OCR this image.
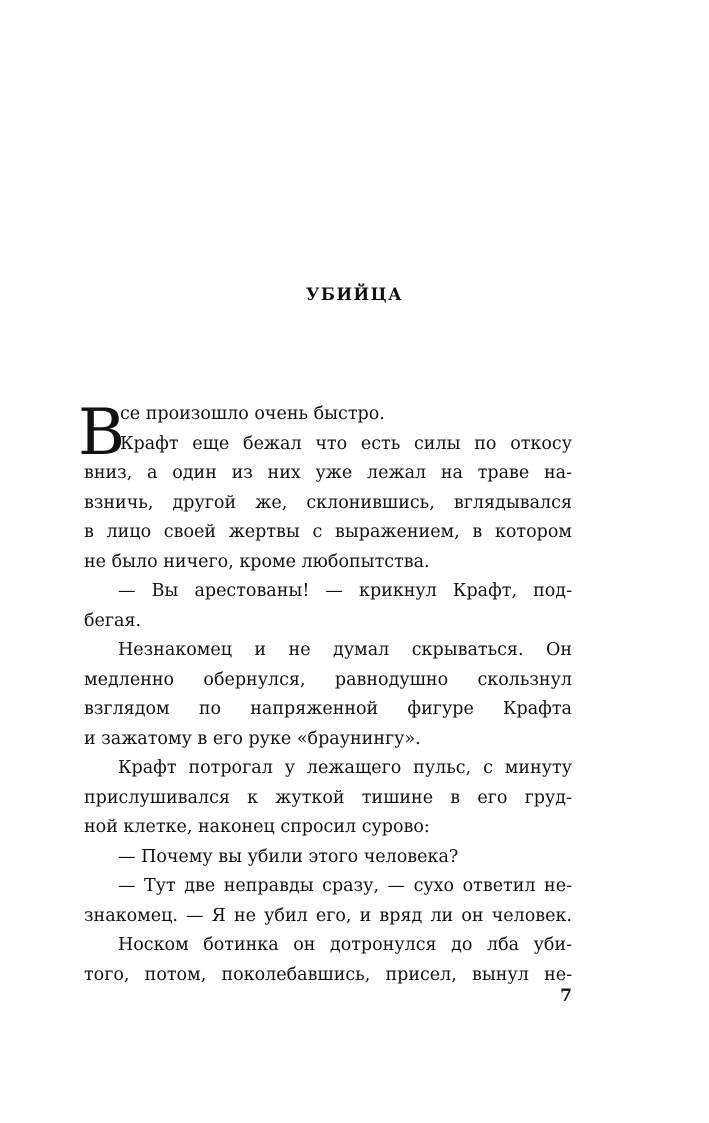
УБИЙЦА
В
се произошло очень быстро.
Крафт еще бежал что есть силы по откосу
вниз, а один из них уже лежал на траве на-
взничь, другой же, склонившись, вглядывался
в лицо своей жертвы с выражением, в котором
не было ничего, кроме любопытства.
— Вы арестованы! — крикнул Крафт, под-
бегая.
Незнакомец и не думал скрываться. Он
медленно обернулся, равнодушно скользнул
взглядом по напряженной фигуре Крафта
и зажатому в его руке «браунингу».
Крафт потрогал у лежащего пульс, с минуту
прислушивался к жуткой тишине в его груд-
ной клетке, наконец спросил сурово:
— Почему вы убили этого человека?
— Тут две неправды сразу, — сухо ответил не-
знакомец. — Я не убил его, и вряд ли он человек.
Носком ботинка он дотронулся до лба уби-
того, потом, поколебавшись, присел, вынул не-
7
